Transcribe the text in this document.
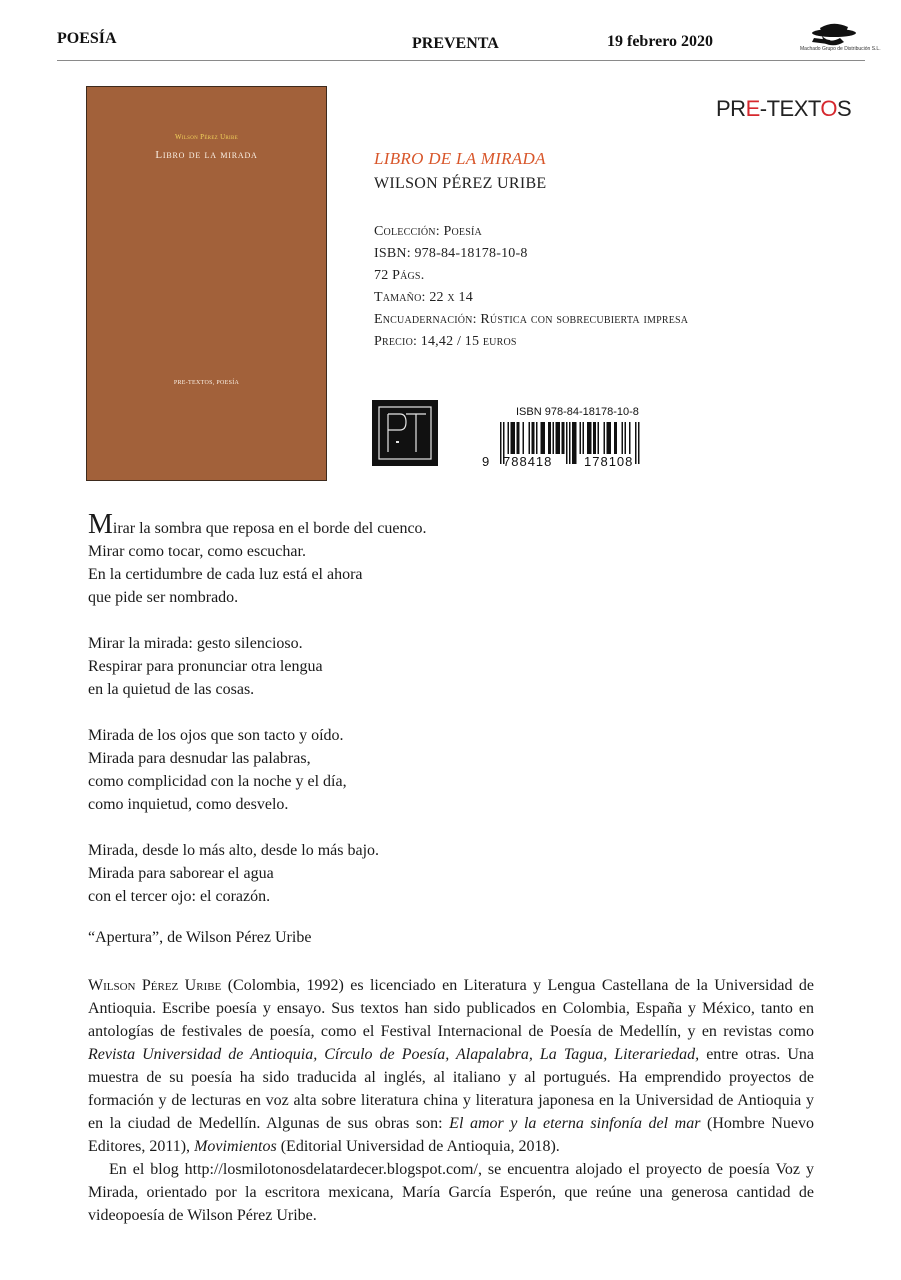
POESÍA	PREVENTA	19 febrero 2020	Machado Grupo de Distribución S.L.
Wilson Pérez Uribe
Libro de la mirada
PRE-TEXTOS, POESÍA
PRE-TEXTOS
LIBRO DE LA MIRADA
WILSON PÉREZ URIBE
Colección: Poesía
ISBN: 978-84-18178-10-8
72 Págs.
Tamaño: 22 x 14
Encuadernación: Rústica con sobrecubierta impresa
Precio: 14,42 / 15 euros
ISBN 978-84-18178-10-8
9 788418 178108
Mirar la sombra que reposa en el borde del cuenco.
Mirar como tocar, como escuchar.
En la certidumbre de cada luz está el ahora
que pide ser nombrado.
Mirar la mirada: gesto silencioso.
Respirar para pronunciar otra lengua
en la quietud de las cosas.
Mirada de los ojos que son tacto y oído.
Mirada para desnudar las palabras,
como complicidad con la noche y el día,
como inquietud, como desvelo.
Mirada, desde lo más alto, desde lo más bajo.
Mirada para saborear el agua
con el tercer ojo: el corazón.
“Apertura”, de Wilson Pérez Uribe

Wilson Pérez Uribe (Colombia, 1992) es licenciado en Literatura y Lengua Castellana de la Universidad de Antioquia. Escribe poesía y ensayo. Sus textos han sido publicados en Colombia, España y México, tanto en antologías de festivales de poesía, como el Festival Internacional de Poesía de Medellín, y en revistas como Revista Universidad de Antioquia, Círculo de Poesía, Alapalabra, La Tagua, Literariedad, entre otras. Una muestra de su poesía ha sido traducida al inglés, al italiano y al portugués. Ha emprendido proyectos de formación y de lecturas en voz alta sobre literatura china y literatura japonesa en la Universidad de Antioquia y en la ciudad de Medellín. Algunas de sus obras son: El amor y la eterna sinfonía del mar (Hombre Nuevo Editores, 2011), Movimientos (Editorial Universidad de Antioquia, 2018).

En el blog http://losmilotonosdelatardecer.blogspot.com/, se encuentra alojado el proyecto de poesía Voz y Mirada, orientado por la escritora mexicana, María García Esperón, que reúne una generosa cantidad de videopoesía de Wilson Pérez Uribe.
